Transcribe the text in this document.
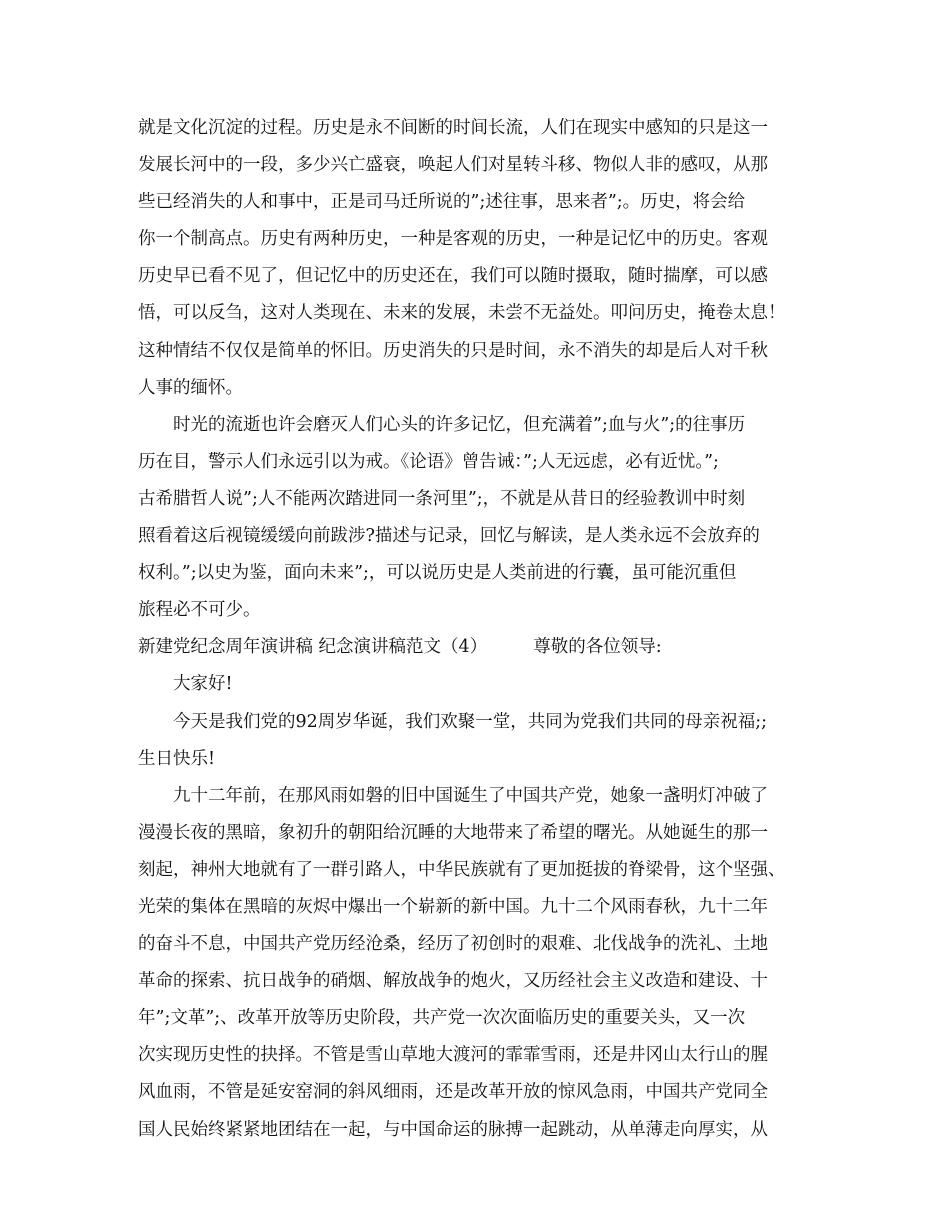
就是文化沉淀的过程。历史是永不间断的时间长流，人们在现实中感知的只是这一
发展长河中的一段，多少兴亡盛衰，唤起人们对星转斗移、物似人非的感叹，从那
些已经消失的人和事中，正是司马迁所说的”;述往事，思来者”;。历史，将会给
你一个制高点。历史有两种历史，一种是客观的历史，一种是记忆中的历史。客观
历史早已看不见了，但记忆中的历史还在，我们可以随时摄取，随时揣摩，可以感
悟，可以反刍，这对人类现在、未来的发展，未尝不无益处。叩问历史，掩卷太息！
这种情结不仅仅是简单的怀旧。历史消失的只是时间，永不消失的却是后人对千秋
人事的缅怀。
时光的流逝也许会磨灭人们心头的许多记忆，但充满着”;血与火”;的往事历
历在目，警示人们永远引以为戒。《论语》曾告诫：”;人无远虑，必有近忧。”;
古希腊哲人说”;人不能两次踏进同一条河里”;，不就是从昔日的经验教训中时刻
照看着这后视镜缓缓向前跋涉?描述与记录，回忆与解读，是人类永远不会放弃的
权利。”;以史为鉴，面向未来”;，可以说历史是人类前进的行囊，虽可能沉重但
旅程必不可少。
新建党纪念周年演讲稿 纪念演讲稿范文（4）	尊敬的各位领导:
大家好!
今天是我们党的92周岁华诞，我们欢聚一堂，共同为党我们共同的母亲祝福;;
生日快乐!
九十二年前，在那风雨如磐的旧中国诞生了中国共产党，她象一盏明灯冲破了
漫漫长夜的黑暗，象初升的朝阳给沉睡的大地带来了希望的曙光。从她诞生的那一
刻起，神州大地就有了一群引路人，中华民族就有了更加挺拔的脊梁骨，这个坚强、
光荣的集体在黑暗的灰烬中爆出一个崭新的新中国。九十二个风雨春秋，九十二年
的奋斗不息，中国共产党历经沧桑，经历了初创时的艰难、北伐战争的洗礼、土地
革命的探索、抗日战争的硝烟、解放战争的炮火，又历经社会主义改造和建设、十
年”;文革”;、改革开放等历史阶段，共产党一次次面临历史的重要关头，又一次
次实现历史性的抉择。不管是雪山草地大渡河的霏霏雪雨，还是井冈山太行山的腥
风血雨，不管是延安窑洞的斜风细雨，还是改革开放的惊风急雨，中国共产党同全
国人民始终紧紧地团结在一起，与中国命运的脉搏一起跳动，从单薄走向厚实，从
